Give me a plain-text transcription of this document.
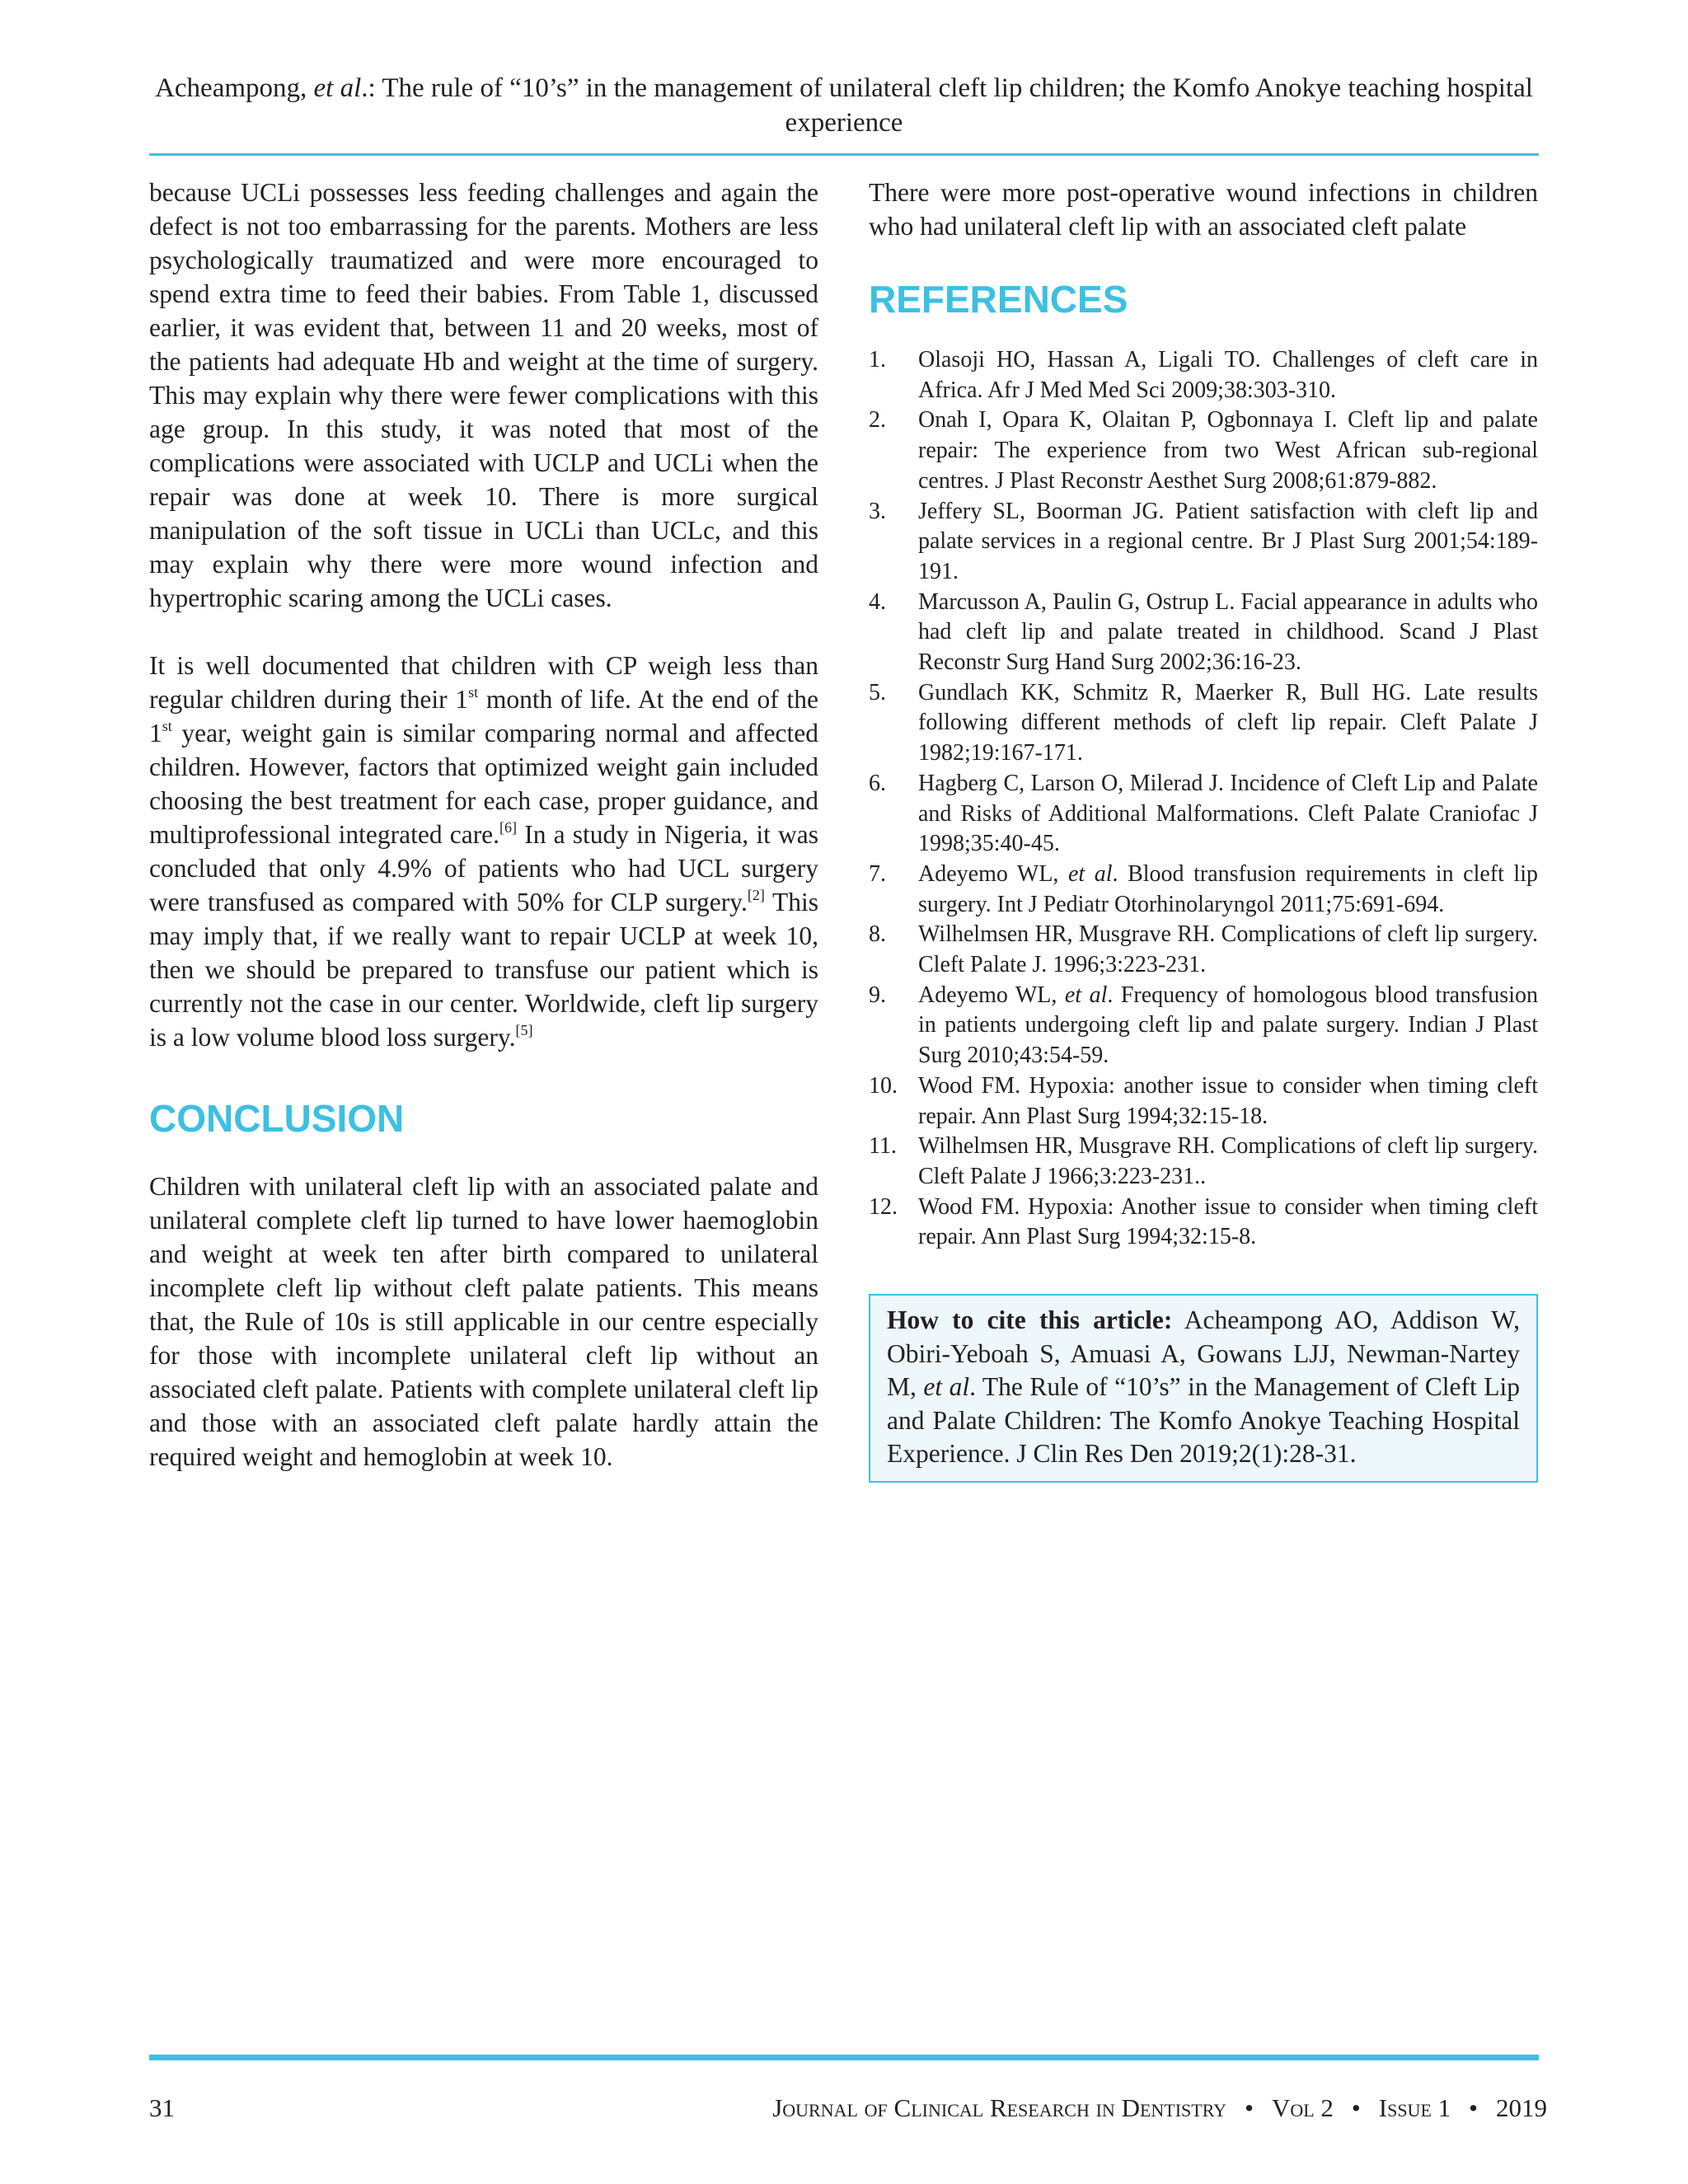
Acheampong, et al.: The rule of “10’s” in the management of unilateral cleft lip children; the Komfo Anokye teaching hospital experience

because UCLi possesses less feeding challenges and again the defect is not too embarrassing for the parents. Mothers are less psychologically traumatized and were more encouraged to spend extra time to feed their babies. From Table 1, discussed earlier, it was evident that, between 11 and 20 weeks, most of the patients had adequate Hb and weight at the time of surgery. This may explain why there were fewer complications with this age group. In this study, it was noted that most of the complications were associated with UCLP and UCLi when the repair was done at week 10. There is more surgical manipulation of the soft tissue in UCLi than UCLc, and this may explain why there were more wound infection and hypertrophic scaring among the UCLi cases.

It is well documented that children with CP weigh less than regular children during their 1st month of life. At the end of the 1st year, weight gain is similar comparing normal and affected children. However, factors that optimized weight gain included choosing the best treatment for each case, proper guidance, and multiprofessional integrated care.[6] In a study in Nigeria, it was concluded that only 4.9% of patients who had UCL surgery were transfused as compared with 50% for CLP surgery.[2] This may imply that, if we really want to repair UCLP at week 10, then we should be prepared to transfuse our patient which is currently not the case in our center. Worldwide, cleft lip surgery is a low volume blood loss surgery.[5]

CONCLUSION

Children with unilateral cleft lip with an associated palate and unilateral complete cleft lip turned to have lower haemoglobin and weight at week ten after birth compared to unilateral incomplete cleft lip without cleft palate patients. This means that, the Rule of 10s is still applicable in our centre especially for those with incomplete unilateral cleft lip without an associated cleft palate. Patients with complete unilateral cleft lip and those with an associated cleft palate hardly attain the required weight and hemoglobin at week 10.

There were more post-operative wound infections in children who had unilateral cleft lip with an associated cleft palate

REFERENCES
1.	Olasoji HO, Hassan A, Ligali TO. Challenges of cleft care in Africa. Afr J Med Med Sci 2009;38:303-310.
2.	Onah I, Opara K, Olaitan P, Ogbonnaya I. Cleft lip and palate repair: The experience from two West African sub-regional centres. J Plast Reconstr Aesthet Surg 2008;61:879-882.
3.	Jeffery SL, Boorman JG. Patient satisfaction with cleft lip and palate services in a regional centre. Br J Plast Surg 2001;54:189-191.
4.	Marcusson A, Paulin G, Ostrup L. Facial appearance in adults who had cleft lip and palate treated in childhood. Scand J Plast Reconstr Surg Hand Surg 2002;36:16-23.
5.	Gundlach KK, Schmitz R, Maerker R, Bull HG. Late results following different methods of cleft lip repair. Cleft Palate J 1982;19:167-171.
6.	Hagberg C, Larson O, Milerad J. Incidence of Cleft Lip and Palate and Risks of Additional Malformations. Cleft Palate Craniofac J 1998;35:40-45.
7.	Adeyemo WL, et al. Blood transfusion requirements in cleft lip surgery. Int J Pediatr Otorhinolaryngol 2011;75:691-694.
8.	Wilhelmsen HR, Musgrave RH. Complications of cleft lip surgery. Cleft Palate J. 1996;3:223-231.
9.	Adeyemo WL, et al. Frequency of homologous blood transfusion in patients undergoing cleft lip and palate surgery. Indian J Plast Surg 2010;43:54-59.
10. Wood FM. Hypoxia: another issue to consider when timing cleft repair. Ann Plast Surg 1994;32:15-18.
11. Wilhelmsen HR, Musgrave RH. Complications of cleft lip surgery. Cleft Palate J 1966;3:223-231..
12. Wood FM. Hypoxia: Another issue to consider when timing cleft repair. Ann Plast Surg 1994;32:15-8.
How to cite this article: Acheampong AO, Addison W, Obiri-Yeboah S, Amuasi A, Gowans LJJ, Newman-Nartey M, et al. The Rule of “10’s” in the Management of Cleft Lip and Palate Children: The Komfo Anokye Teaching Hospital Experience. J Clin Res Den 2019;2(1):28-31.
31	Journal of Clinical Research in Dentistry • Vol 2 • Issue 1 • 2019
